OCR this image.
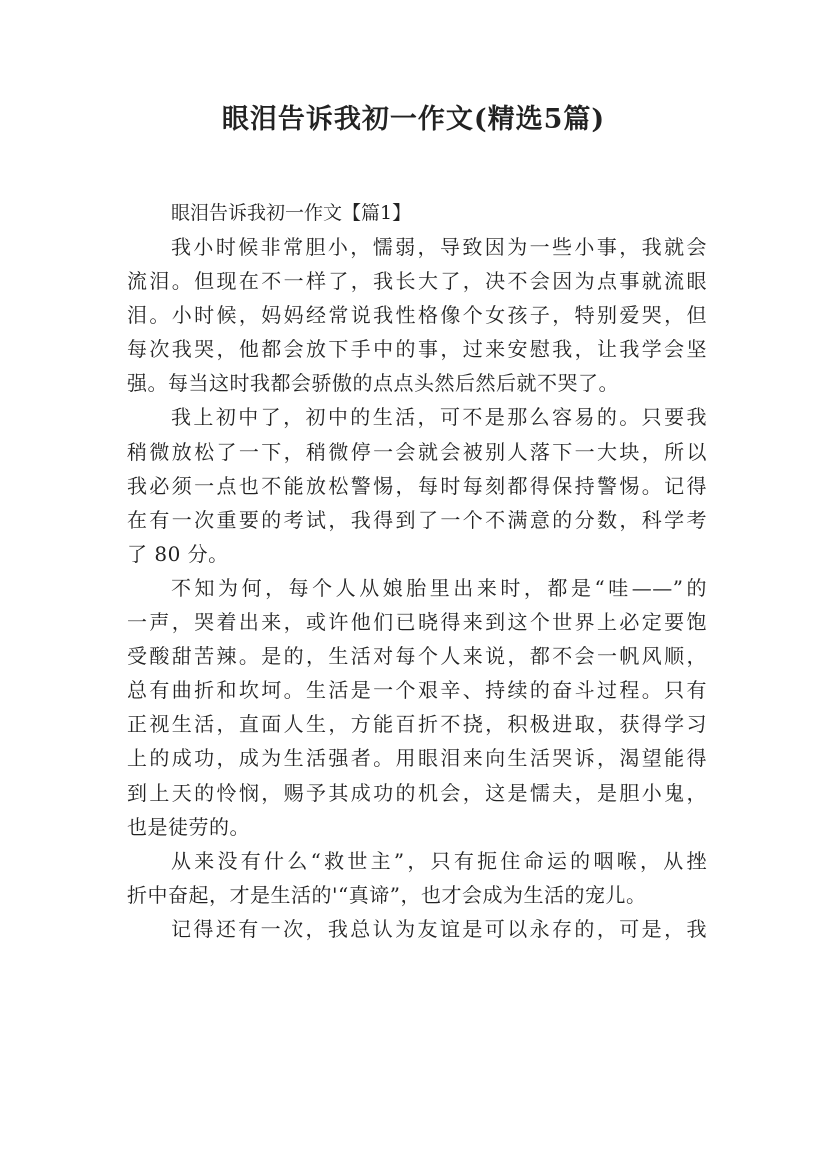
眼泪告诉我初一作文(精选5篇)
眼泪告诉我初一作文【篇1】

我小时候非常胆小，懦弱，导致因为一些小事，我就会
流泪。但现在不一样了，我长大了，决不会因为点事就流眼
泪。小时候，妈妈经常说我性格像个女孩子，特别爱哭，但
每次我哭，他都会放下手中的事，过来安慰我，让我学会坚
强。每当这时我都会骄傲的点点头然后然后就不哭了。

我上初中了，初中的生活，可不是那么容易的。只要我
稍微放松了一下，稍微停一会就会被别人落下一大块，所以
我必须一点也不能放松警惕，每时每刻都得保持警惕。记得
在有一次重要的考试，我得到了一个不满意的分数，科学考
了 80 分。

不知为何，每个人从娘胎里出来时，都是“哇——”的
一声，哭着出来，或许他们已晓得来到这个世界上必定要饱
受酸甜苦辣。是的，生活对每个人来说，都不会一帆风顺，
总有曲折和坎坷。生活是一个艰辛、持续的奋斗过程。只有
正视生活，直面人生，方能百折不挠，积极进取，获得学习
上的成功，成为生活强者。用眼泪来向生活哭诉，渴望能得
到上天的怜悯，赐予其成功的机会，这是懦夫，是胆小鬼，
也是徒劳的。

从来没有什么“救世主”，只有扼住命运的咽喉，从挫
折中奋起，才是生活的'“真谛”，也才会成为生活的宠儿。

记得还有一次，我总认为友谊是可以永存的，可是，我
